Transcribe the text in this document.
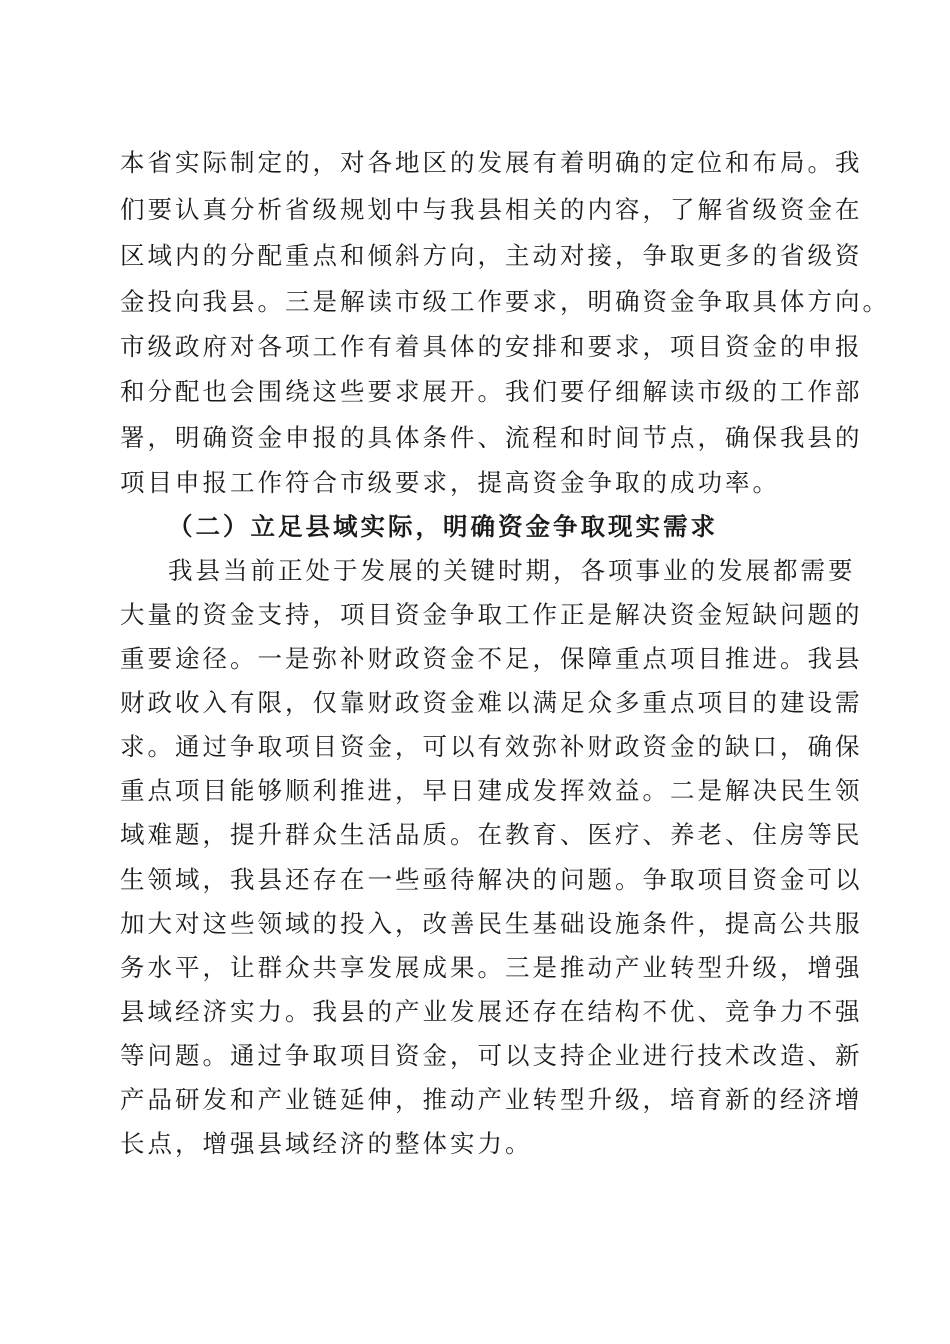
本省实际制定的，对各地区的发展有着明确的定位和布局。我
们要认真分析省级规划中与我县相关的内容，了解省级资金在
区域内的分配重点和倾斜方向，主动对接，争取更多的省级资
金投向我县。三是解读市级工作要求，明确资金争取具体方向。
市级政府对各项工作有着具体的安排和要求，项目资金的申报
和分配也会围绕这些要求展开。我们要仔细解读市级的工作部
署，明确资金申报的具体条件、流程和时间节点，确保我县的
项目申报工作符合市级要求，提高资金争取的成功率。
（二）立足县域实际，明确资金争取现实需求
我县当前正处于发展的关键时期，各项事业的发展都需要
大量的资金支持，项目资金争取工作正是解决资金短缺问题的
重要途径。一是弥补财政资金不足，保障重点项目推进。我县
财政收入有限，仅靠财政资金难以满足众多重点项目的建设需
求。通过争取项目资金，可以有效弥补财政资金的缺口，确保
重点项目能够顺利推进，早日建成发挥效益。二是解决民生领
域难题，提升群众生活品质。在教育、医疗、养老、住房等民
生领域，我县还存在一些亟待解决的问题。争取项目资金可以
加大对这些领域的投入，改善民生基础设施条件，提高公共服
务水平，让群众共享发展成果。三是推动产业转型升级，增强
县域经济实力。我县的产业发展还存在结构不优、竞争力不强
等问题。通过争取项目资金，可以支持企业进行技术改造、新
产品研发和产业链延伸，推动产业转型升级，培育新的经济增
长点，增强县域经济的整体实力。
